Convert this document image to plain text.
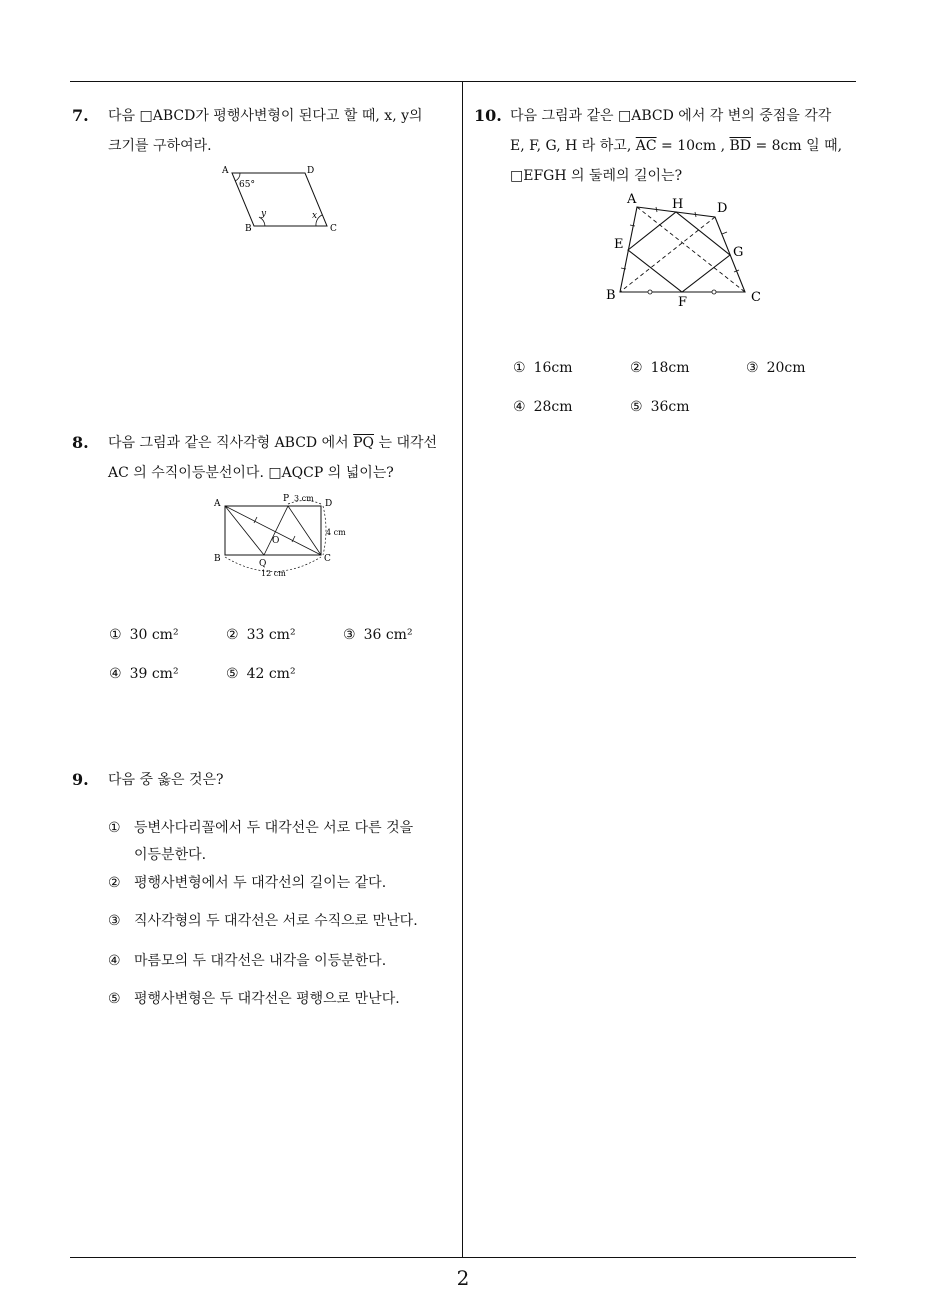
7. 다음 □ABCD가 평행사변형이 된다고 할 때, x, y의
크기를 구하여라.
A	D
B	C
65°
y	x
8. 다음 그림과 같은 직사각형 ABCD 에서 $\overline{PQ}$ 는 대각선
AC 의 수직이등분선이다. □AQCP 의 넓이는?
A	D
B	C
P
Q
O
3 cm
4 cm
12 cm
① 30 cm²	② 33 cm²	③ 36 cm²
④ 39 cm²	⑤ 42 cm²
9. 다음 중 옳은 것은?
① 등변사다리꼴에서 두 대각선은 서로 다른 것을
이등분한다.
② 평행사변형에서 두 대각선의 길이는 같다.
③ 직사각형의 두 대각선은 서로 수직으로 만난다.
④ 마름모의 두 대각선은 내각을 이등분한다.
⑤ 평행사변형은 두 대각선은 평행으로 만난다.
10. 다음 그림과 같은 □ABCD 에서 각 변의 중점을 각각
E, F, G, H 라 하고, $\overline{AC} = 10cm$ , $\overline{BD} = 8cm$ 일 때,
□EFGH 의 둘레의 길이는?
A
D
B	C
E
H
G
F
① 16cm	② 18cm	③ 20cm
④ 28cm	⑤ 36cm
2
